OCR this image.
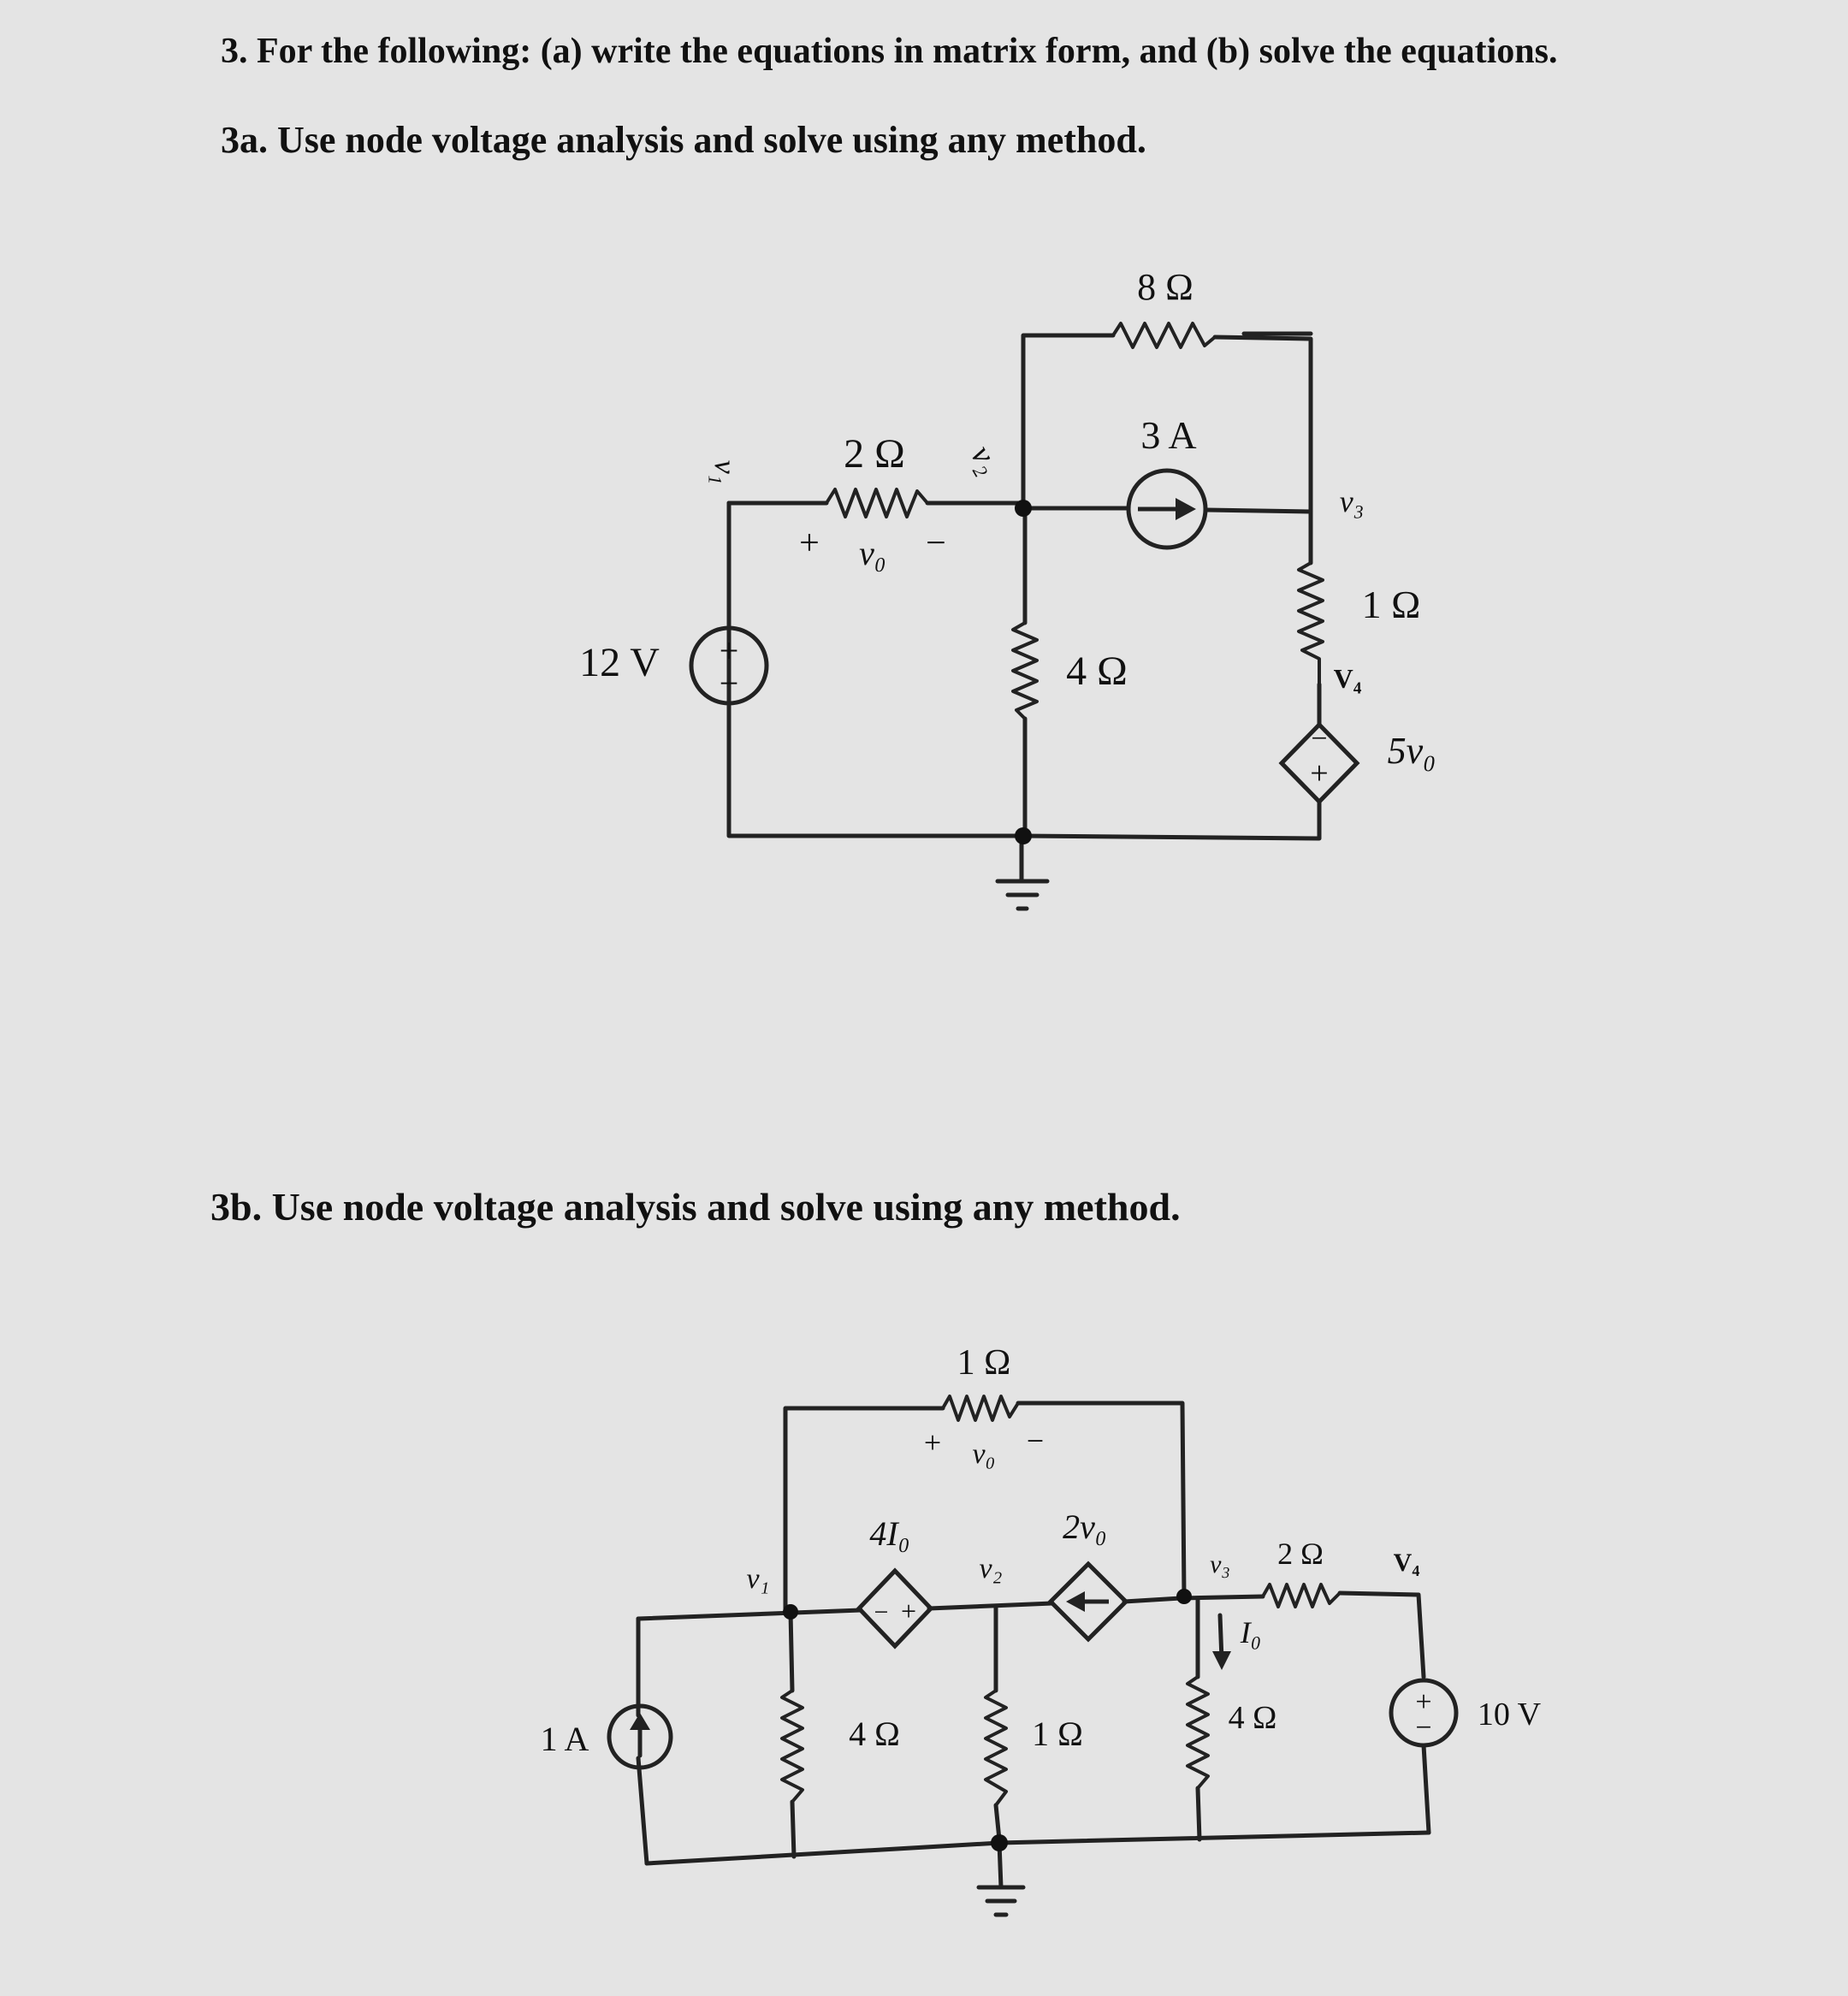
3. For the following: (a) write the equations in matrix form, and (b) solve the equations.

3a. Use node voltage analysis and solve using any method.

3b. Use node voltage analysis and solve using any method.

8 Ω
2 Ω
+ v₀ −
v₁	v₂
v₃
V₄
3 A
+
−
12 V	4 Ω
1 Ω
−
+
5v₀
1 Ω
+ v₀ −
− +
4I₀	2v₀
v₁	v₂	v₃	V₄
2 Ω
I₀
1 A	4 Ω	1 Ω	4 Ω	+
− 10 V
